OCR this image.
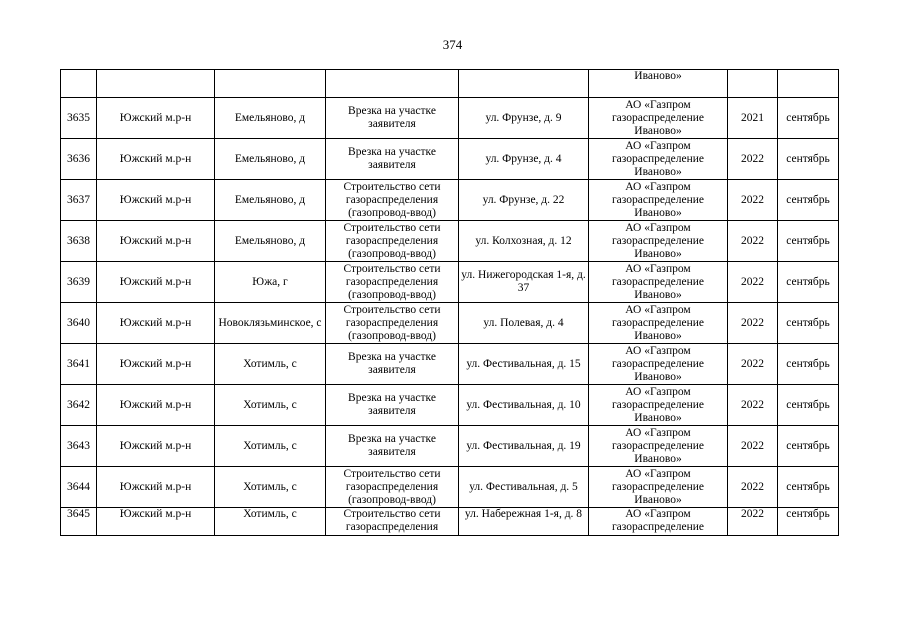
374
					Иваново»		
3635	Южский м.р-н	Емельяново, д	Врезка на участке заявителя	ул. Фрунзе, д. 9	АО «Газпром газораспределение Иваново»	2021	сентябрь
3636	Южский м.р-н	Емельяново, д	Врезка на участке заявителя	ул. Фрунзе, д. 4	АО «Газпром газораспределение Иваново»	2022	сентябрь
3637	Южский м.р-н	Емельяново, д	Строительство сети газораспределения (газопровод-ввод)	ул. Фрунзе, д. 22	АО «Газпром газораспределение Иваново»	2022	сентябрь
3638	Южский м.р-н	Емельяново, д	Строительство сети газораспределения (газопровод-ввод)	ул. Колхозная, д. 12	АО «Газпром газораспределение Иваново»	2022	сентябрь
3639	Южский м.р-н	Южа, г	Строительство сети газораспределения (газопровод-ввод)	ул. Нижегородская 1-я, д. 37	АО «Газпром газораспределение Иваново»	2022	сентябрь
3640	Южский м.р-н	Новоклязьминское, с	Строительство сети газораспределения (газопровод-ввод)	ул. Полевая, д. 4	АО «Газпром газораспределение Иваново»	2022	сентябрь
3641	Южский м.р-н	Хотимль, с	Врезка на участке заявителя	ул. Фестивальная, д. 15	АО «Газпром газораспределение Иваново»	2022	сентябрь
3642	Южский м.р-н	Хотимль, с	Врезка на участке заявителя	ул. Фестивальная, д. 10	АО «Газпром газораспределение Иваново»	2022	сентябрь
3643	Южский м.р-н	Хотимль, с	Врезка на участке заявителя	ул. Фестивальная, д. 19	АО «Газпром газораспределение Иваново»	2022	сентябрь
3644	Южский м.р-н	Хотимль, с	Строительство сети газораспределения (газопровод-ввод)	ул. Фестивальная, д. 5	АО «Газпром газораспределение Иваново»	2022	сентябрь
3645	Южский м.р-н	Хотимль, с	Строительство сети газораспределения	ул. Набережная 1-я, д. 8	АО «Газпром газораспределение	2022	сентябрь
